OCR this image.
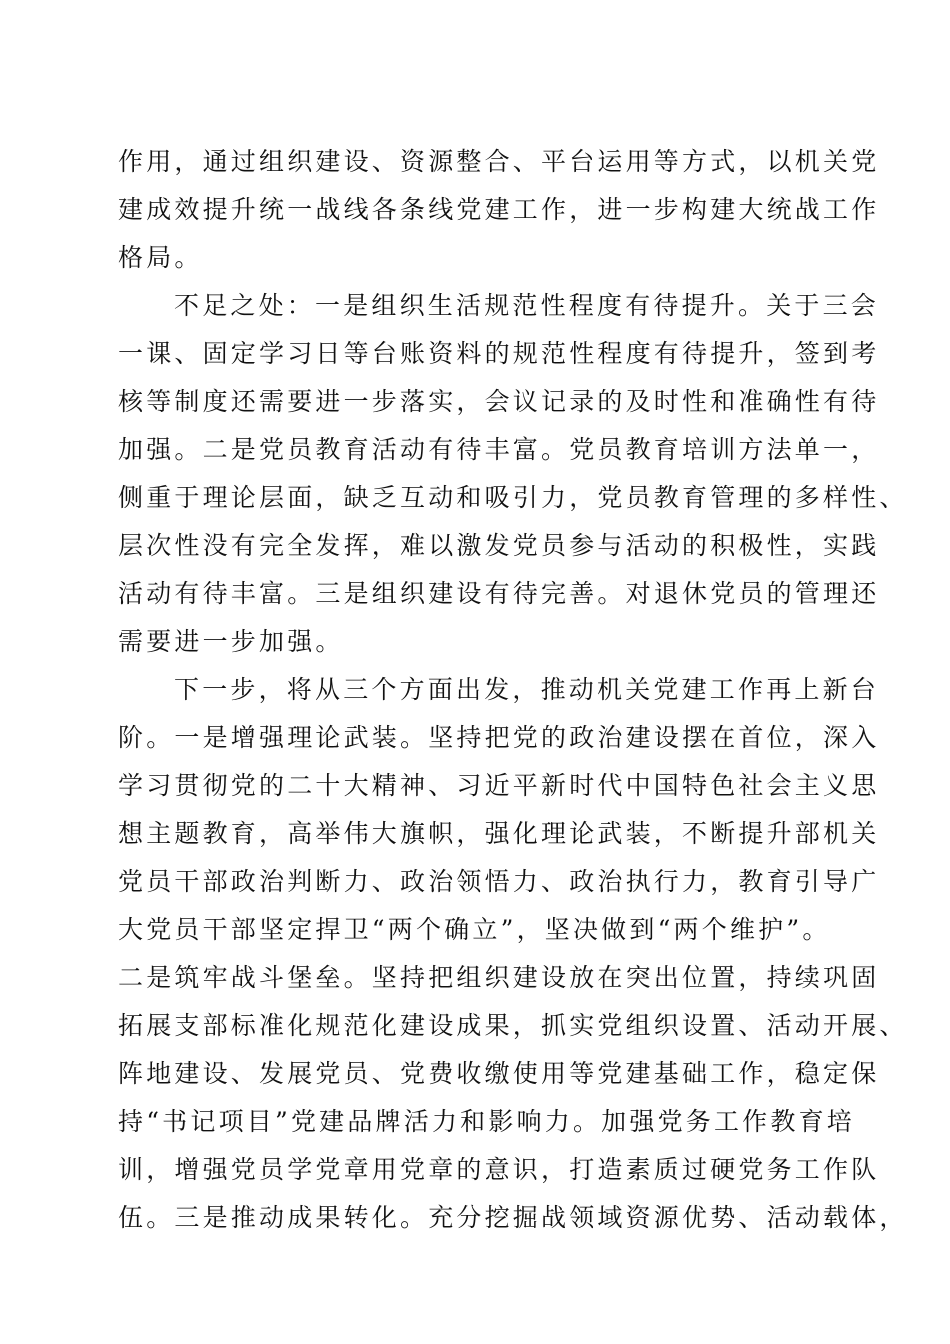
作用，通过组织建设、资源整合、平台运用等方式，以机关党
建成效提升统一战线各条线党建工作，进一步构建大统战工作
格局。
不足之处：一是组织生活规范性程度有待提升。关于三会
一课、固定学习日等台账资料的规范性程度有待提升，签到考
核等制度还需要进一步落实，会议记录的及时性和准确性有待
加强。二是党员教育活动有待丰富。党员教育培训方法单一，
侧重于理论层面，缺乏互动和吸引力，党员教育管理的多样性、
层次性没有完全发挥，难以激发党员参与活动的积极性，实践
活动有待丰富。三是组织建设有待完善。对退休党员的管理还
需要进一步加强。
下一步，将从三个方面出发，推动机关党建工作再上新台
阶。一是增强理论武装。坚持把党的政治建设摆在首位，深入
学习贯彻党的二十大精神、习近平新时代中国特色社会主义思
想主题教育，高举伟大旗帜，强化理论武装，不断提升部机关
党员干部政治判断力、政治领悟力、政治执行力，教育引导广
大党员干部坚定捍卫“两个确立”，坚决做到“两个维护”。
二是筑牢战斗堡垒。坚持把组织建设放在突出位置，持续巩固
拓展支部标准化规范化建设成果，抓实党组织设置、活动开展、
阵地建设、发展党员、党费收缴使用等党建基础工作，稳定保
持“书记项目”党建品牌活力和影响力。加强党务工作教育培
训，增强党员学党章用党章的意识，打造素质过硬党务工作队
伍。三是推动成果转化。充分挖掘战领域资源优势、活动载体，
